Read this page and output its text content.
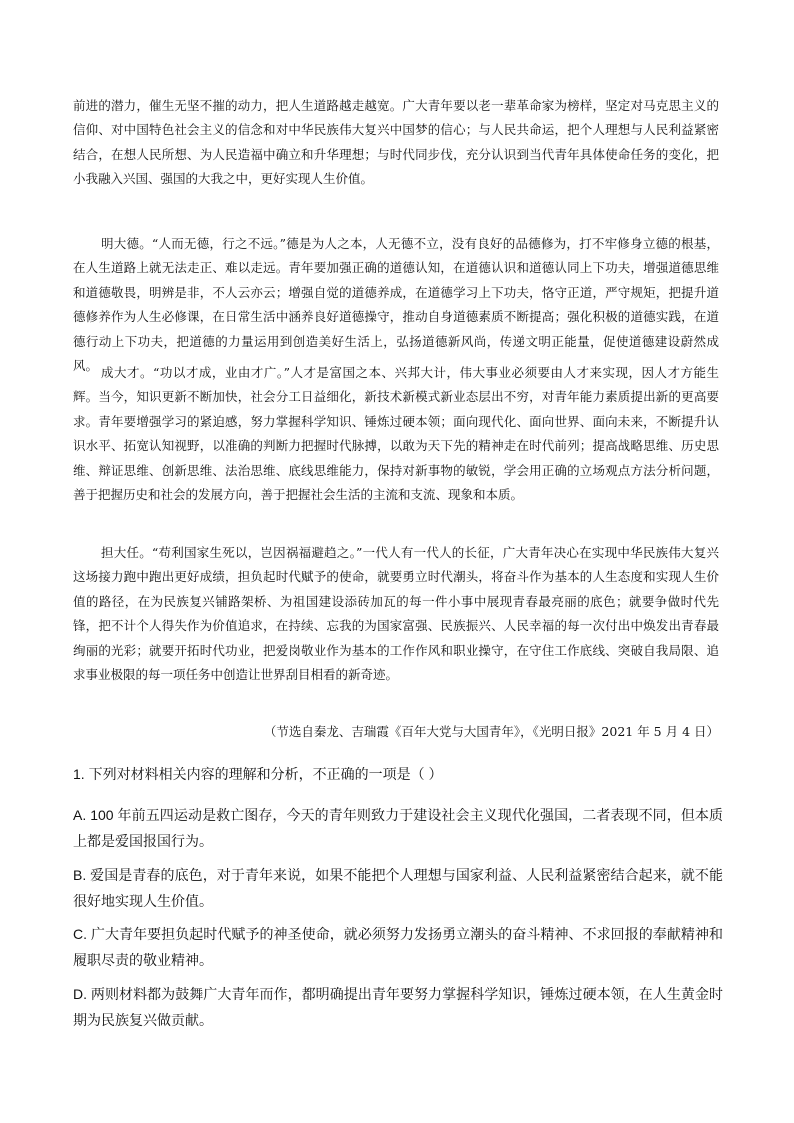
前进的潜力，催生无坚不摧的动力，把人生道路越走越宽。广大青年要以老一辈革命家为榜样，坚定对马克思主义的信仰、对中国特色社会主义的信念和对中华民族伟大复兴中国梦的信心；与人民共命运，把个人理想与人民利益紧密结合，在想人民所想、为人民造福中确立和升华理想；与时代同步伐，充分认识到当代青年具体使命任务的变化，把小我融入兴国、强国的大我之中，更好实现人生价值。

明大德。“人而无德，行之不远。”德是为人之本，人无德不立，没有良好的品德修为，打不牢修身立德的根基，在人生道路上就无法走正、难以走远。青年要加强正确的道德认知，在道德认识和道德认同上下功夫，增强道德思维和道德敬畏，明辨是非，不人云亦云；增强自觉的道德养成，在道德学习上下功夫，恪守正道，严守规矩，把提升道德修养作为人生必修课，在日常生活中涵养良好道德操守，推动自身道德素质不断提高；强化积极的道德实践，在道德行动上下功夫，把道德的力量运用到创造美好生活上，弘扬道德新风尚，传递文明正能量，促使道德建设蔚然成风。 成大才。“功以才成，业由才广。”人才是富国之本、兴邦大计，伟大事业必须要由人才来实现，因人才方能生辉。当今，知识更新不断加快，社会分工日益细化，新技术新模式新业态层出不穷，对青年能力素质提出新的更高要求。青年要增强学习的紧迫感，努力掌握科学知识、锤炼过硬本领；面向现代化、面向世界、面向未来，不断提升认识水平、拓宽认知视野，以准确的判断力把握时代脉搏，以敢为天下先的精神走在时代前列；提高战略思维、历史思维、辩证思维、创新思维、法治思维、底线思维能力，保持对新事物的敏锐，学会用正确的立场观点方法分析问题，善于把握历史和社会的发展方向，善于把握社会生活的主流和支流、现象和本质。

担大任。“苟利国家生死以，岂因祸福避趋之。”一代人有一代人的长征，广大青年决心在实现中华民族伟大复兴这场接力跑中跑出更好成绩，担负起时代赋予的使命，就要勇立时代潮头，将奋斗作为基本的人生态度和实现人生价值的路径，在为民族复兴铺路架桥、为祖国建设添砖加瓦的每一件小事中展现青春最亮丽的底色；就要争做时代先锋，把不计个人得失作为价值追求，在持续、忘我的为国家富强、民族振兴、人民幸福的每一次付出中焕发出青春最绚丽的光彩；就要开拓时代功业，把爱岗敬业作为基本的工作作风和职业操守，在守住工作底线、突破自我局限、追求事业极限的每一项任务中创造让世界刮目相看的新奇迹。

（节选自秦龙、吉瑞霞《百年大党与大国青年》，《光明日报》2021 年 5 月 4 日）

1. 下列对材料相关内容的理解和分析，不正确的一项是（ ）

A. 100 年前五四运动是救亡图存，今天的青年则致力于建设社会主义现代化强国，二者表现不同，但本质上都是爱国报国行为。

B. 爱国是青春的底色，对于青年来说，如果不能把个人理想与国家利益、人民利益紧密结合起来，就不能很好地实现人生价值。

C. 广大青年要担负起时代赋予的神圣使命，就必须努力发扬勇立潮头的奋斗精神、不求回报的奉献精神和履职尽责的敬业精神。

D. 两则材料都为鼓舞广大青年而作，都明确提出青年要努力掌握科学知识，锤炼过硬本领，在人生黄金时期为民族复兴做贡献。
